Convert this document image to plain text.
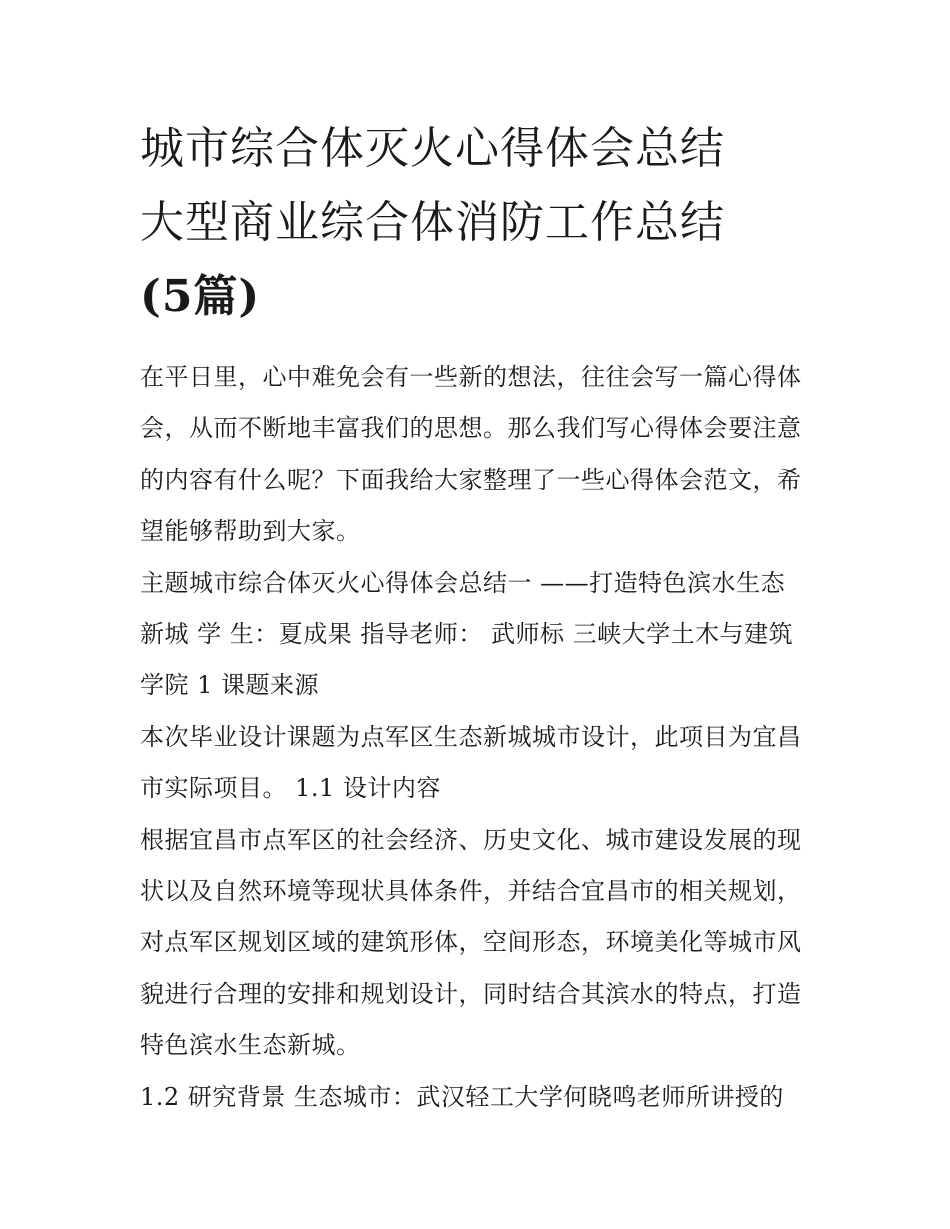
城市综合体灭火心得体会总结
大型商业综合体消防工作总结
(5篇)
在平日里，心中难免会有一些新的想法，往往会写一篇心得体
会，从而不断地丰富我们的思想。那么我们写心得体会要注意
的内容有什么呢？下面我给大家整理了一些心得体会范文，希
望能够帮助到大家。
主题城市综合体灭火心得体会总结一 ——打造特色滨水生态
新城 学 生：夏成果 指导老师： 武师标 三峡大学土木与建筑
学院 1 课题来源
本次毕业设计课题为点军区生态新城城市设计，此项目为宜昌
市实际项目。 1.1 设计内容
根据宜昌市点军区的社会经济、历史文化、城市建设发展的现
状以及自然环境等现状具体条件，并结合宜昌市的相关规划，
对点军区规划区域的建筑形体，空间形态，环境美化等城市风
貌进行合理的安排和规划设计，同时结合其滨水的特点，打造
特色滨水生态新城。
1.2 研究背景 生态城市：武汉轻工大学何晓鸣老师所讲授的
